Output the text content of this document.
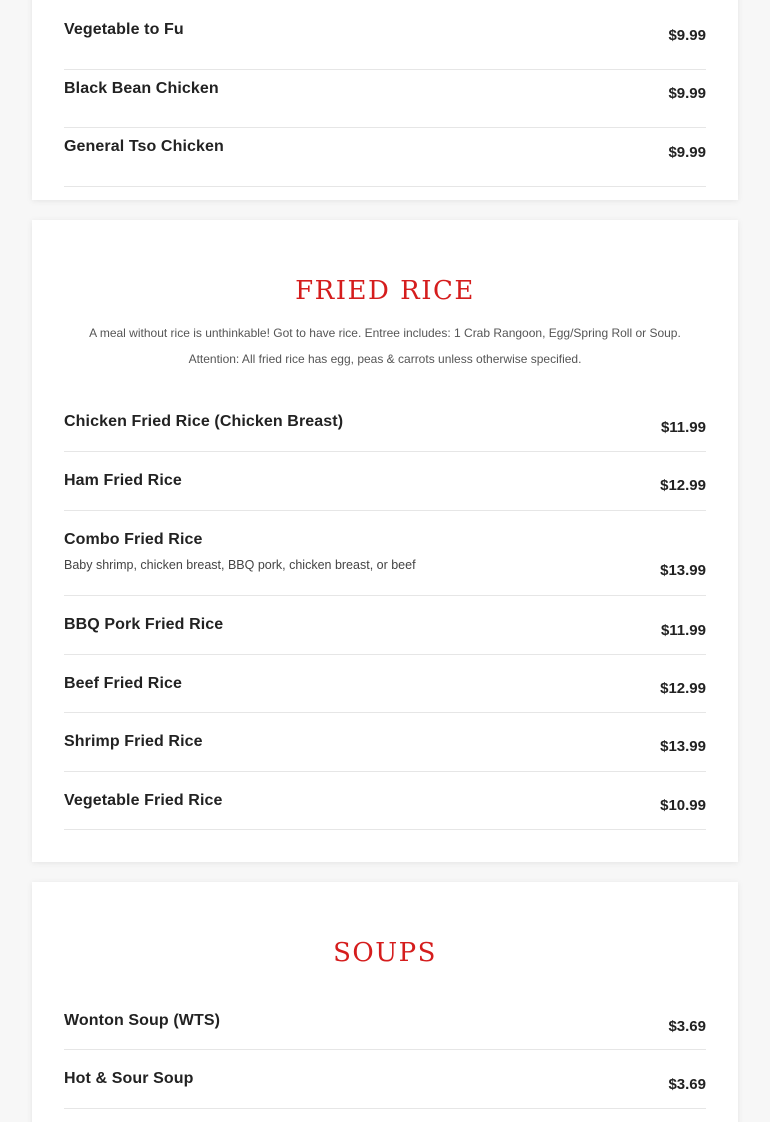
Vegetable to Fu	$9.99
Black Bean Chicken	$9.99
General Tso Chicken	$9.99
FRIED RICE
A meal without rice is unthinkable! Got to have rice. Entree includes: 1 Crab Rangoon, Egg/Spring Roll or Soup.
Attention: All fried rice has egg, peas & carrots unless otherwise specified.
Chicken Fried Rice (Chicken Breast)	$11.99
Ham Fried Rice	$12.99
Combo Fried Rice
Baby shrimp, chicken breast, BBQ pork, chicken breast, or beef	$13.99
BBQ Pork Fried Rice	$11.99
Beef Fried Rice	$12.99
Shrimp Fried Rice	$13.99
Vegetable Fried Rice	$10.99
SOUPS
Wonton Soup (WTS)	$3.69
Hot & Sour Soup	$3.69
